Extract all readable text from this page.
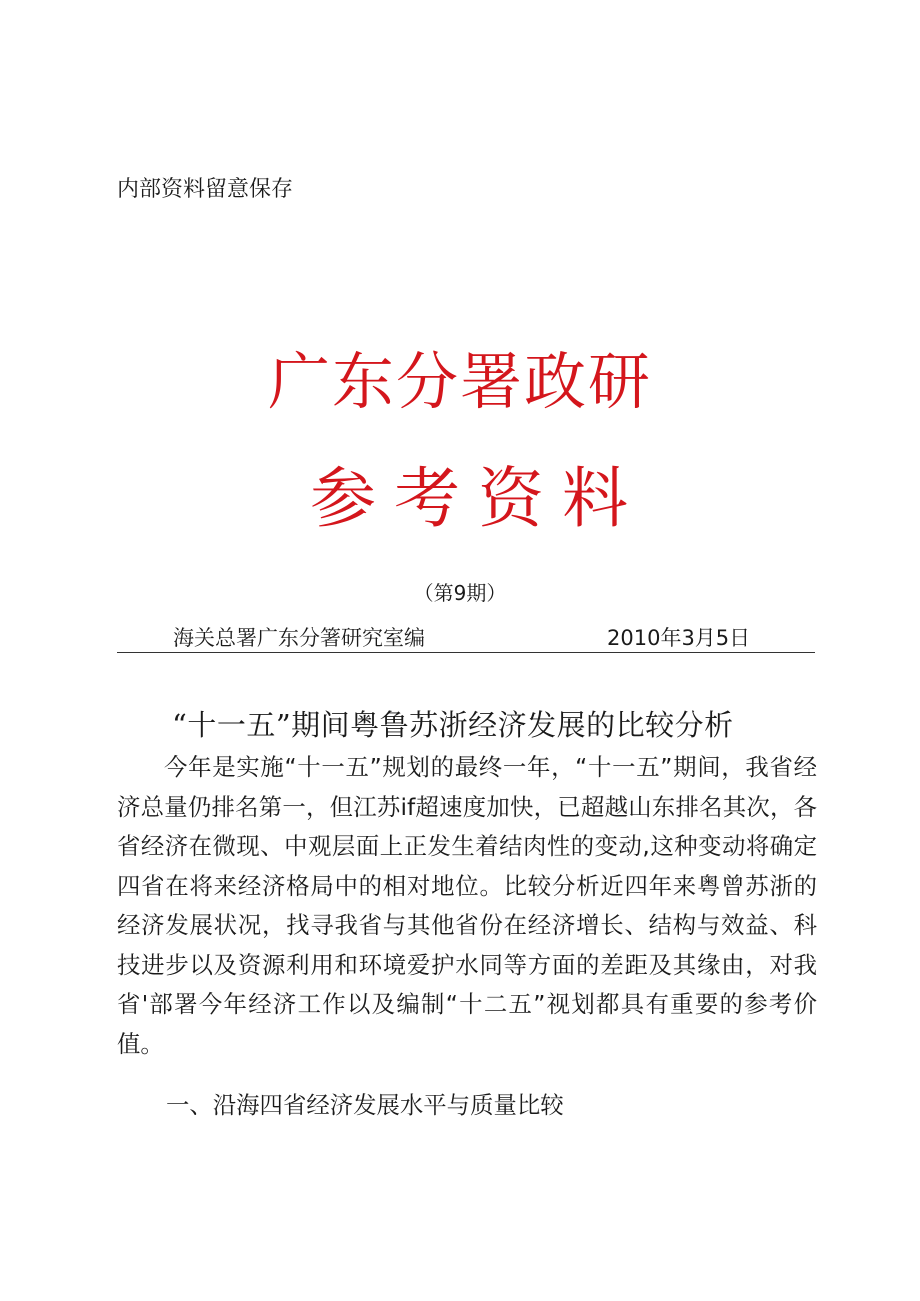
内部资料留意保存
广东分署政研
参考资料
（第9期）
海关总署广东分箸研究室编	2010年3月5日
“十一五”期间粤鲁苏浙经济发展的比较分析
今年是实施“十一五”规划的最终一年，“十一五”期间，我省经济总量仍排名第一，但江苏if超速度加快，已超越山东排名其次，各省经济在微现、中观层面上正发生着结肉性的变动,这种变动将确定四省在将来经济格局中的相对地位。比较分析近四年来粤曾苏浙的经济发展状况，找寻我省与其他省份在经济增长、结构与效益、科技进步以及资源利用和环境爱护水同等方面的差距及其缘由，对我省'部署今年经济工作以及编制“十二五”视划都具有重要的参考价值。
一、沿海四省经济发展水平与质量比较
